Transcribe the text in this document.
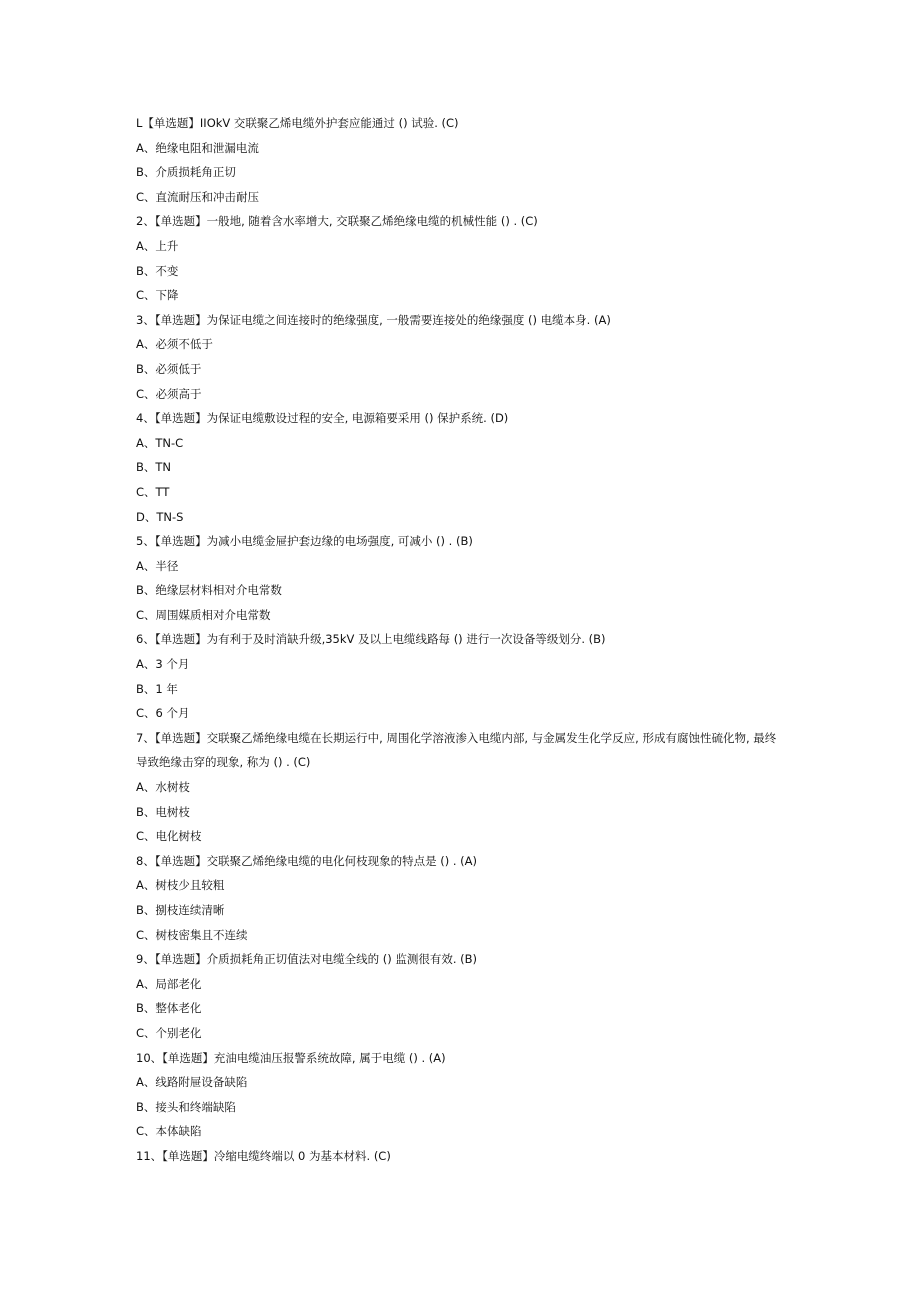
L【单选题】IIOkV 交联聚乙烯电缆外护套应能通过 () 试验. (C)
A、绝缘电阻和泄漏电流
B、介质损耗角正切
C、直流耐压和冲击耐压
2、【单选题】一般地, 随着含水率增大, 交联聚乙烯绝缘电缆的机械性能 () . (C)
A、上升
B、不变
C、下降
3、【单选题】为保证电缆之间连接时的绝缘强度, 一般需要连接处的绝缘强度 () 电缆本身. (A)
A、必须不低于
B、必须低于
C、必须高于
4、【单选题】为保证电缆敷设过程的安全, 电源箱要采用 () 保护系统. (D)
A、TN-C
B、TN
C、TT
D、TN-S
5、【单选题】为减小电缆金屉护套边缘的电场强度, 可减小 () . (B)
A、半径
B、绝缘层材料相对介电常数
C、周围媒质相对介电常数
6、【单选题】为有利于及时消缺升级,35kV 及以上电缆线路每 () 进行一次设备等级划分. (B)
A、3 个月
B、1 年
C、6 个月
7、【单选题】交联聚乙烯绝缘电缆在长期运行中, 周围化学溶液渗入电缆内部, 与金属发生化学反应, 形成有腐蚀性硫化物, 最终
导致绝缘击穿的现象, 称为 () . (C)
A、水树枝
B、电树枝
C、电化树枝
8、【单选题】交联聚乙烯绝缘电缆的电化何枝现象的特点是 () . (A)
A、树枝少且较粗
B、捌枝连续清晰
C、树枝密集且不连续
9、【单选题】介质损耗角正切值法对电缆全线的 () 监测很有效. (B)
A、局部老化
B、整体老化
C、个别老化
10、【单选题】充油电缆油压报警系统故障, 属于电缆 () . (A)
A、线路附屉设备缺陷
B、接头和终端缺陷
C、本体缺陷
11、【单选题】冷缩电缆终端以 0 为基本材料. (C)
